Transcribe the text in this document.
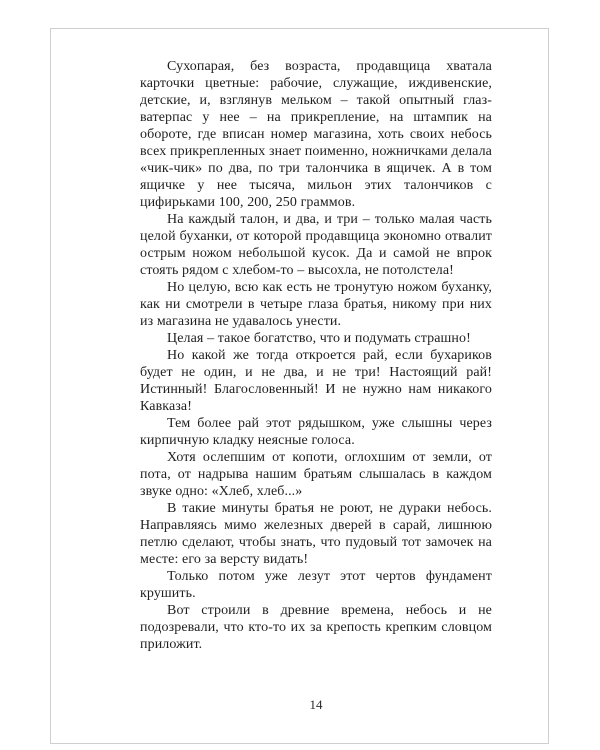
Сухопарая, без возраста, продавщица хватала карточки цветные: рабочие, служащие, иждивенские, детские, и, взглянув мельком – такой опытный глаз-ватерпас у нее – на прикрепление, на штампик на обороте, где вписан номер магазина, хоть своих небось всех прикрепленных знает поименно, ножничками делала «чик-чик» по два, по три талончика в ящичек. А в том ящичке у нее тысяча, мильон этих талончиков с цифирьками 100, 200, 250 граммов.

На каждый талон, и два, и три – только малая часть целой буханки, от которой продавщица экономно отвалит острым ножом небольшой кусок. Да и самой не впрок стоять рядом с хлебом-то – высохла, не потолстела!

Но целую, всю как есть не тронутую ножом буханку, как ни смотрели в четыре глаза братья, никому при них из магазина не удавалось унести.

Целая – такое богатство, что и подумать страшно!

Но какой же тогда откроется рай, если бухариков будет не один, и не два, и не три! Настоящий рай! Истинный! Благословенный! И не нужно нам никакого Кавказа!

Тем более рай этот рядышком, уже слышны через кирпичную кладку неясные голоса.

Хотя ослепшим от копоти, оглохшим от земли, от пота, от надрыва нашим братьям слышалась в каждом звуке одно: «Хлеб, хлеб...»

В такие минуты братья не роют, не дураки небось. Направляясь мимо железных дверей в сарай, лишнюю петлю сделают, чтобы знать, что пудовый тот замочек на месте: его за версту видать!

Только потом уже лезут этот чертов фундамент крушить.

Вот строили в древние времена, небось и не подозревали, что кто-то их за крепость крепким словцом приложит.

14
